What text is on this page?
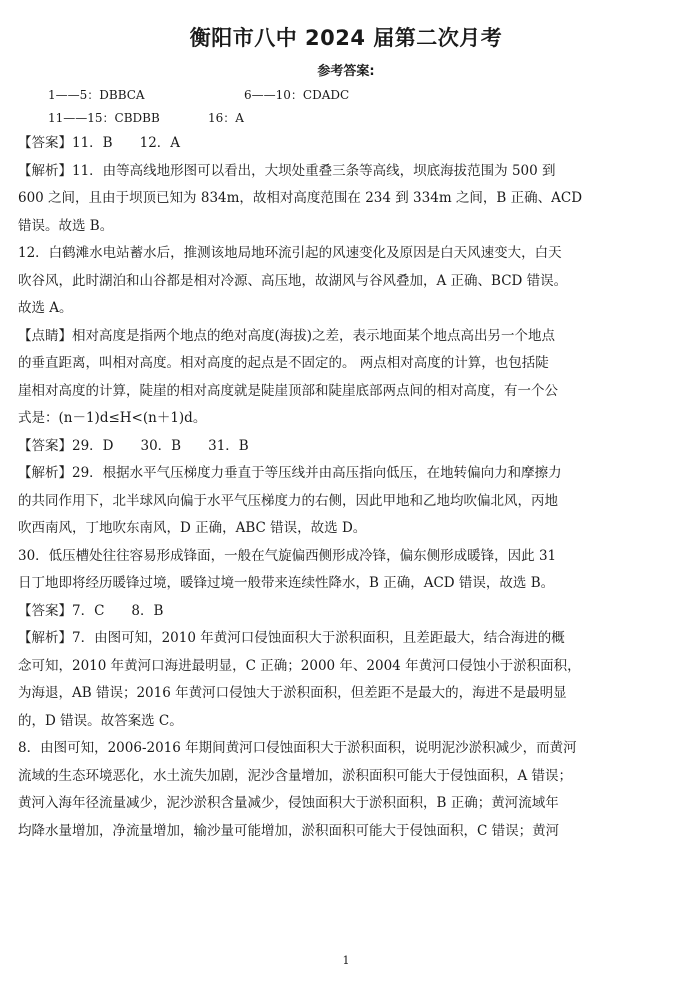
衡阳市八中 2024 届第二次月考
参考答案:
1——5：DBBCA	6——10：CDADC
11——15：CBDBB	16：A
【答案】11．B　　12．A
【解析】11．由等高线地形图可以看出，大坝处重叠三条等高线，坝底海拔范围为 500 到
600 之间，且由于坝顶已知为 834m，故相对高度范围在 234 到 334m 之间，B 正确、ACD
错误。故选 B。
12．白鹤滩水电站蓄水后，推测该地局地环流引起的风速变化及原因是白天风速变大，白天
吹谷风，此时湖泊和山谷都是相对冷源、高压地，故湖风与谷风叠加，A 正确、BCD 错误。
故选 A。
【点睛】相对高度是指两个地点的绝对高度(海拔)之差，表示地面某个地点高出另一个地点
的垂直距离，叫相对高度。相对高度的起点是不固定的。 两点相对高度的计算，也包括陡
崖相对高度的计算，陡崖的相对高度就是陡崖顶部和陡崖底部两点间的相对高度，有一个公
式是：(n－1)d≤H<(n＋1)d。
【答案】29．D　　30．B　　31．B
【解析】29．根据水平气压梯度力垂直于等压线并由高压指向低压，在地转偏向力和摩擦力
的共同作用下，北半球风向偏于水平气压梯度力的右侧，因此甲地和乙地均吹偏北风，丙地
吹西南风，丁地吹东南风，D 正确，ABC 错误，故选 D。
30．低压槽处往往容易形成锋面，一般在气旋偏西侧形成冷锋，偏东侧形成暖锋，因此 31
日丁地即将经历暖锋过境，暖锋过境一般带来连续性降水，B 正确，ACD 错误，故选 B。
【答案】7．C　　8．B
【解析】7．由图可知，2010 年黄河口侵蚀面积大于淤积面积，且差距最大，结合海进的概
念可知，2010 年黄河口海进最明显，C 正确；2000 年、2004 年黄河口侵蚀小于淤积面积，
为海退，AB 错误；2016 年黄河口侵蚀大于淤积面积，但差距不是最大的，海进不是最明显
的，D 错误。故答案选 C。
8．由图可知，2006-2016 年期间黄河口侵蚀面积大于淤积面积，说明泥沙淤积减少，而黄河
流域的生态环境恶化，水土流失加剧，泥沙含量增加，淤积面积可能大于侵蚀面积，A 错误；
黄河入海年径流量减少，泥沙淤积含量减少，侵蚀面积大于淤积面积，B 正确；黄河流域年
均降水量增加，净流量增加，输沙量可能增加，淤积面积可能大于侵蚀面积，C 错误；黄河
1
